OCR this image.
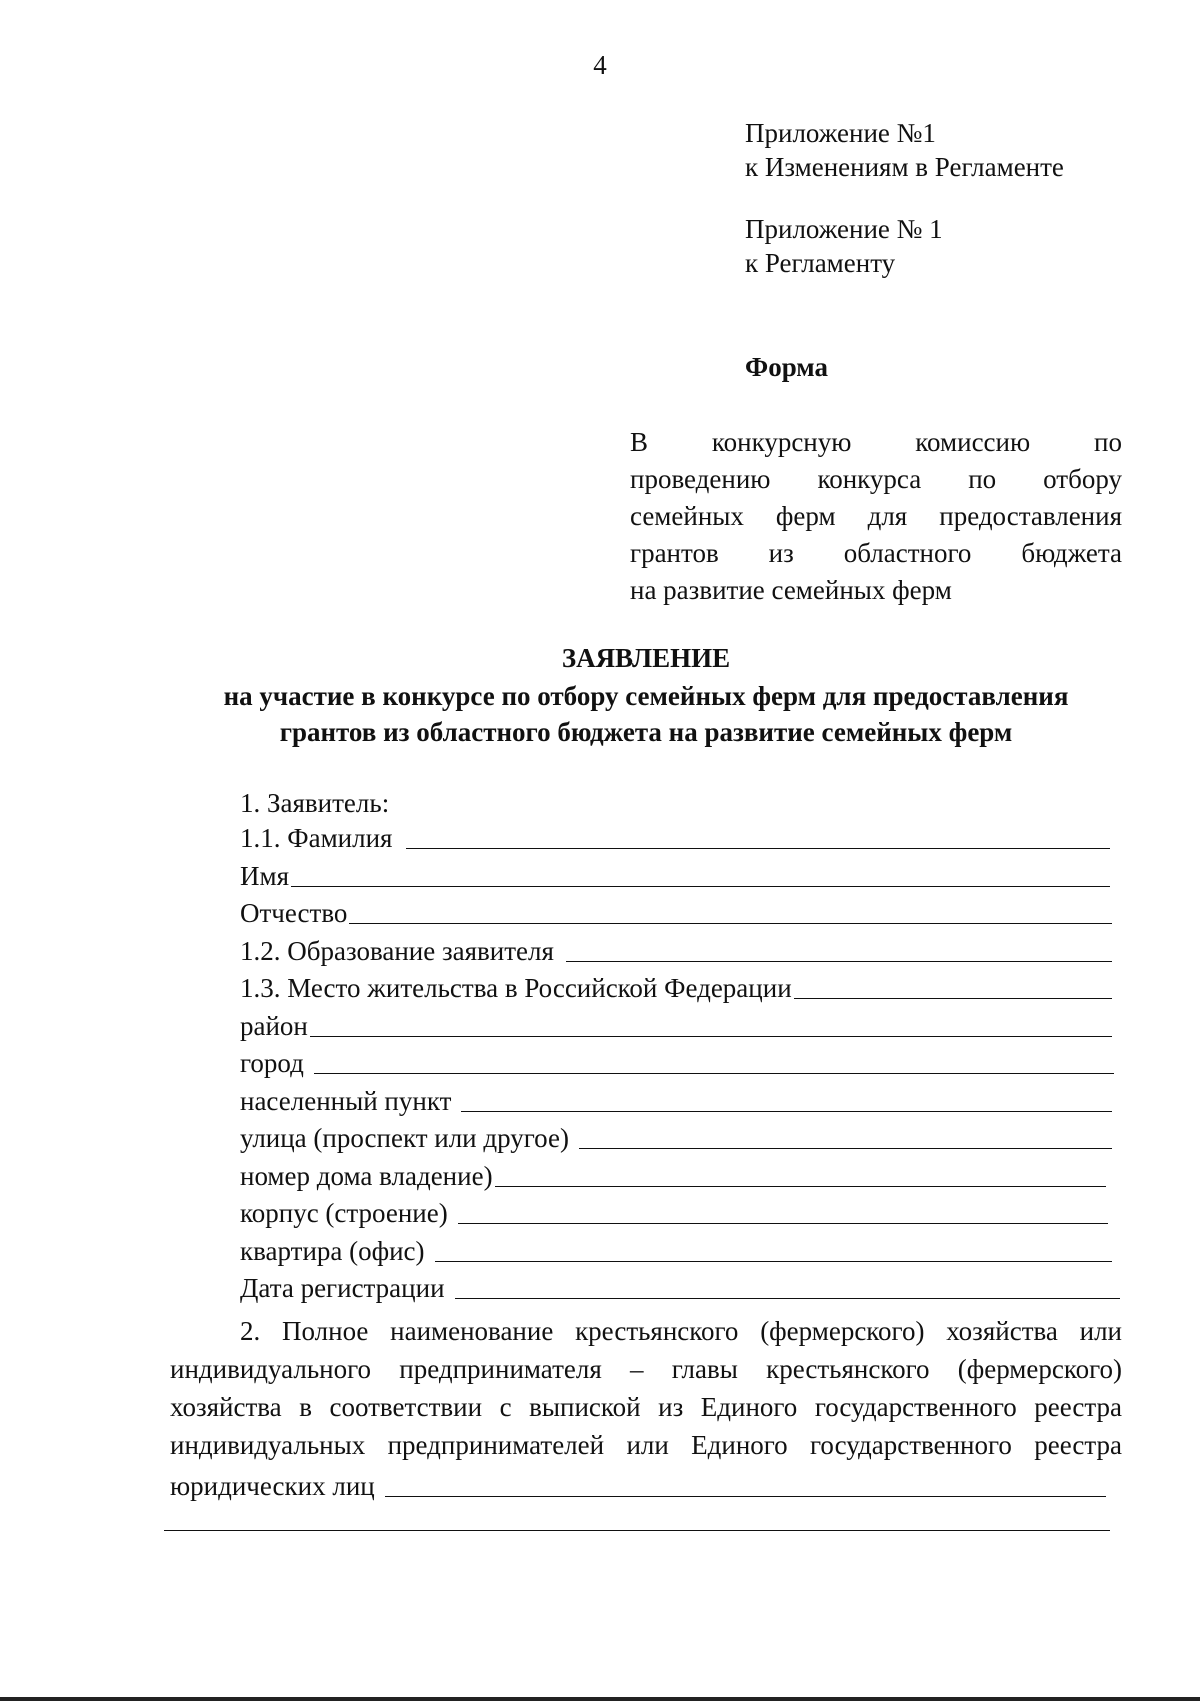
4
Приложение №1
к Изменениям в Регламенте
Приложение № 1
к Регламенту
Форма
В конкурсную комиссию по
проведению конкурса по отбору
семейных ферм для предоставления
грантов из областного бюджета
на развитие семейных ферм
ЗАЯВЛЕНИЕ
на участие в конкурсе по отбору семейных ферм для предоставления
грантов из областного бюджета на развитие семейных ферм
1. Заявитель:
1.1. Фамилия
Имя
Отчество
1.2. Образование заявителя
1.3. Место жительства в Российской Федерации
район
город
населенный пункт
улица (проспект или другое)
номер дома владение)
корпус (строение)
квартира (офис)
Дата регистрации
2. Полное наименование крестьянского (фермерского) хозяйства или
индивидуального предпринимателя – главы крестьянского (фермерского)
хозяйства в соответствии с выпиской из Единого государственного реестра
индивидуальных предпринимателей или Единого государственного реестра
юридических лиц
